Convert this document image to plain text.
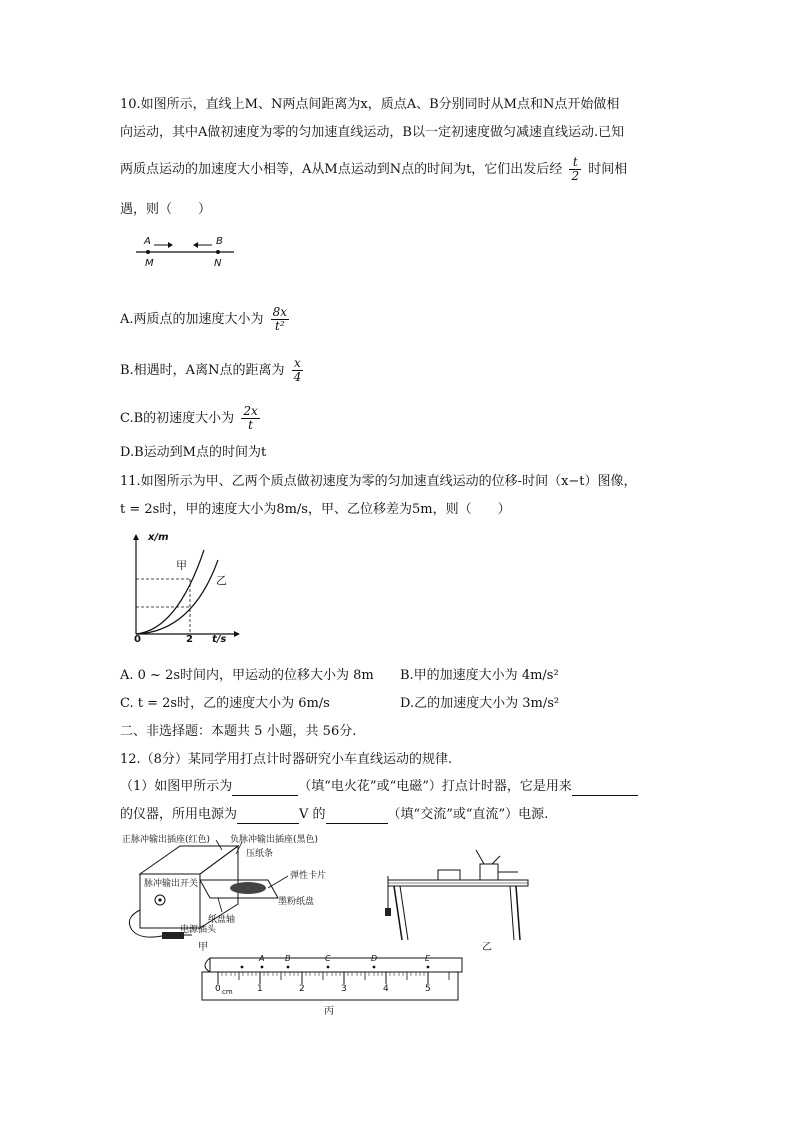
10.如图所示，直线上M、N两点间距离为x，质点A、B分别同时从M点和N点开始做相
向运动，其中A做初速度为零的匀加速直线运动，B以一定初速度做匀减速直线运动.已知
两质点运动的加速度大小相等，A从M点运动到N点的时间为t，它们出发后经 $\frac{t}{2}$ 时间相
遇，则（　　）
A	B
M	N
A.两质点的加速度大小为 $\frac{8x}{\text{t²}}$
B.相遇时，A离N点的距离为 $\frac{x}{4}$
C.B的初速度大小为 $\frac{2x}{t}$
D.B运动到M点的时间为t
11.如图所示为甲、乙两个质点做初速度为零的匀加速直线运动的位移-时间（x−t）图像，
t = 2s时，甲的速度大小为8m/s，甲、乙位移差为5m，则（　　）
x/m
t/s
0	2
甲
乙
A. 0 ~ 2s时间内，甲运动的位移大小为 8m B.甲的加速度大小为 4m/s²
C. t = 2s时，乙的速度大小为 6m/s	D.乙的加速度大小为 3m/s²
二、非选择题：本题共 5 小题，共 56分.
12.（8分）某同学用打点计时器研究小车直线运动的规律.
（1）如图甲所示为	（填“电火花”或“电磁”）打点计时器，它是用来
的仪器，所用电源为	V 的	（填“交流”或“直流”）电源.
正脉冲输出插座(红色) 负脉冲输出插座(黑色)
压纸条
弹性卡片
脉冲输出开关
墨粉纸盘
纸盘轴
电源插头
甲	乙
A	B	C	D	E
0 cm	1	2	3	4	5
丙
